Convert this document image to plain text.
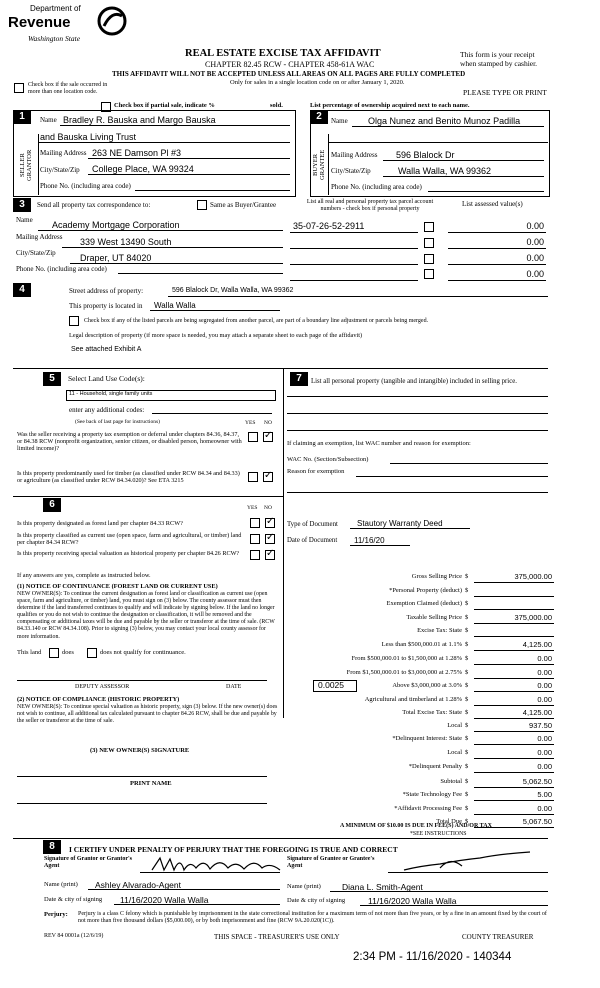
Department of
Revenue
Washington State
REAL ESTATE EXCISE TAX AFFIDAVIT
CHAPTER 82.45 RCW - CHAPTER 458-61A WAC
THIS AFFIDAVIT WILL NOT BE ACCEPTED UNLESS ALL AREAS ON ALL PAGES ARE FULLY COMPLETED
Only for sales in a single location code on or after January 1, 2020.
This form is your receipt when stamped by cashier.
PLEASE TYPE OR PRINT
Check box if the sale occurred in more than one location code.
Check box if partial sale, indicate %	sold.	List percentage of ownership acquired next to each name.
1
SELLER GRANTOR
Name Bradley R. Bauska and Margo Bauska
and Bauska Living Trust
Mailing Address 263 NE Damson Pl #3
City/State/Zip College Place, WA 99324
Phone No. (including area code)
2
BUYER GRANTEE
Name Olga Nunez and Benito Munoz Padilla
Mailing Address 596 Blalock Dr
City/State/Zip	Walla Walla, WA 99362
Phone No. (including area code)
3	Send all property tax correspondence to:	Same as Buyer/Grantee	List all real and personal property tax parcel account numbers - check box if personal property
List assessed value(s)
Name Academy Mortgage Corporation
Mailing Address 339 West 13490 South
City/State/Zip	Draper, UT 84020
Phone No. (including area code)
35-07-26-52-2911	0.00
0.00
0.00
0.00
4	Street address of property:	596 Blalock Dr, Walla Walla, WA 99362
This property is located in Walla Walla
Check box if any of the listed parcels are being segregated from another parcel, are part of a boundary line adjustment or parcels being merged.
Legal description of property (if more space is needed, you may attach a separate sheet to each page of the affidavit)
See attached Exhibit A
5	Select Land Use Code(s):
11 - Household, single family units
enter any additional codes:
(See back of last page for instructions)	YES NO
Was the seller receiving a property tax exemption or deferral under chapters 84.36, 84.37, or 84.38 RCW (nonprofit organization, senior citizen, or disabled person, homeowner with limited income)?
✓
Is this property predominantly used for timber (as classified under RCW 84.34 and 84.33) or agriculture (as classified under RCW 84.34.020)? See ETA 3215
✓
6	YES NO
Is this property designated as forest land per chapter 84.33 RCW?
✓
Is this property classified as current use (open space, farm and agricultural, or timber) land per chapter 84.34 RCW?
✓
Is this property receiving special valuation as historical property per chapter 84.26 RCW?
✓
If any answers are yes, complete as instructed below.
(1) NOTICE OF CONTINUANCE (FOREST LAND OR CURRENT USE)
NEW OWNER(S): To continue the current designation as forest land or classification as current use (open space, farm and agriculture, or timber) land, you must sign on (3) below. The county assessor must then determine if the land transferred continues to qualify and will indicate by signing below. If the land no longer qualifies or you do not wish to continue the designation or classification, it will be removed and the compensating or additional taxes will be due and payable by the seller or transferor at the time of sale. (RCW 84.33.140 or RCW 84.34.108). Prior to signing (3) below, you may contact your local county assessor for more information.
This land	does	does not qualify for continuance.
DEPUTY ASSESSOR	DATE
(2) NOTICE OF COMPLIANCE (HISTORIC PROPERTY)
NEW OWNER(S): To continue special valuation as historic property, sign (3) below. If the new owner(s) does not wish to continue, all additional tax calculated pursuant to chapter 84.26 RCW, shall be due and payable by the seller or transferor at the time of sale.
(3) NEW OWNER(S) SIGNATURE
PRINT NAME
7	List all personal property (tangible and intangible) included in selling price.
If claiming an exemption, list WAC number and reason for exemption:
WAC No. (Section/Subsection)
Reason for exemption
Type of Document Stautory Warranty Deed
Date of Document 11/16/20
Gross Selling Price $	375,000.00
*Personal Property (deduct) $
Exemption Claimed (deduct) $
Taxable Selling Price $	375,000.00
Excise Tax: State $
Less than $500,000.01 at 1.1% $	4,125.00
From $500,000.01 to $1,500,000 at 1.28% $	0.00
From $1,500,000.01 to $3,000,000 at 2.75% $	0.00
Above $3,000,000 at 3.0% $	0.00
Agricultural and timberland at 1.28% $	0.00
Total Excise Tax: State $	4,125.00
Local $	937.50
*Delinquent Interest: State $	0.00
Local $	0.00
*Delinquent Penalty $	0.00
Subtotal $	5,062.50
*State Technology Fee $	5.00
*Affidavit Processing Fee $	0.00
Total Due $	5,067.50
0.0025
A MINIMUM OF $10.00 IS DUE IN FEE(S) AND/OR TAX
*SEE INSTRUCTIONS
8	I CERTIFY UNDER PENALTY OF PERJURY THAT THE FOREGOING IS TRUE AND CORRECT
Signature of Grantor or Grantor's Agent
Signature of Grantee or Grantee's Agent
Name (print) Ashley Alvarado-Agent	Name (print) Diana L. Smith-Agent
Date & city of signing 11/16/2020 Walla Walla	Date & city of signing	11/16/2020 Walla Walla
Perjury: Perjury is a class C felony which is punishable by imprisonment in the state correctional institution for a maximum term of not more than five years, or by a fine in an amount fixed by the court of not more than five thousand dollars ($5,000.00), or by both imprisonment and fine (RCW 9A.20.020(1C)).
REV 84 0001a (12/6/19)	THIS SPACE - TREASURER'S USE ONLY	COUNTY TREASURER
2:34 PM - 11/16/2020 - 140344
